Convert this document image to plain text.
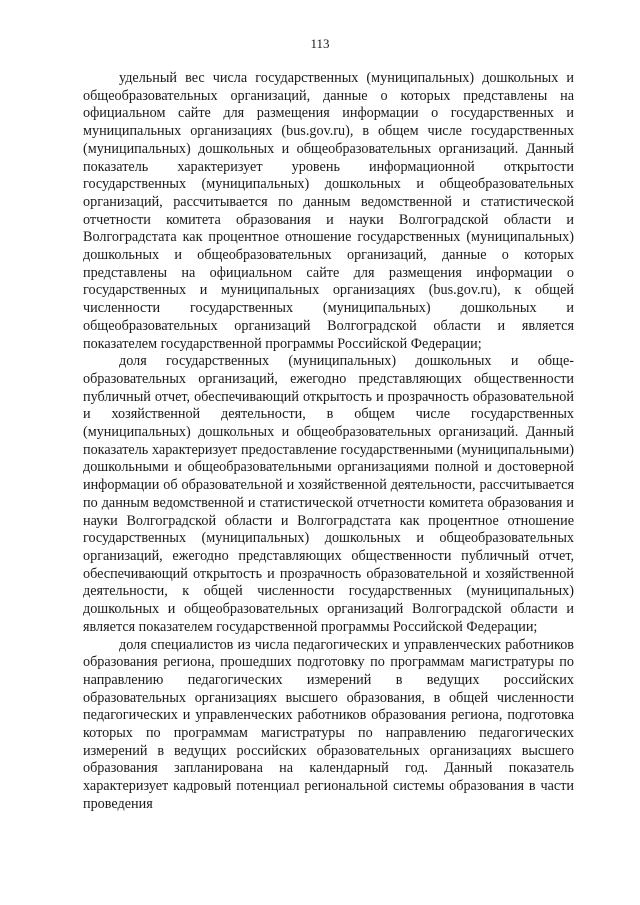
113

удельный вес числа государственных (муниципальных) дошкольных и общеобразовательных организаций, данные о которых представлены на официальном сайте для размещения информации о государственных и муниципальных организациях (bus.gov.ru), в общем числе государственных (муниципальных) дошкольных и общеобразовательных организаций. Данный показатель характеризует уровень информационной открытости государственных (муниципальных) дошкольных и общеобразовательных организаций, рассчитывается по данным ведомственной и статистической отчетности комитета образования и науки Волгоградской области и Волгоградстата как процентное отношение государственных (муниципальных) дошкольных и общеобразовательных организаций, данные о которых представлены на официальном сайте для размещения информации о государственных и муниципальных организациях (bus.gov.ru), к общей численности государственных (муниципальных) дошкольных и общеобразовательных организаций Волгоградской области и является показателем государственной программы Российской Федерации;

доля государственных (муниципальных) дошкольных и общеобразовательных организаций, ежегодно представляющих общественности публичный отчет, обеспечивающий открытость и прозрачность образовательной и хозяйственной деятельности, в общем числе государственных (муниципальных) дошкольных и общеобразовательных организаций. Данный показатель характеризует предоставление государственными (муниципальными) дошкольными и общеобразовательными организациями полной и достоверной информации об образовательной и хозяйственной деятельности, рассчитывается по данным ведомственной и статистической отчетности комитета образования и науки Волгоградской области и Волгоградстата как процентное отношение государственных (муниципальных) дошкольных и общеобразовательных организаций, ежегодно представляющих общественности публичный отчет, обеспечивающий открытость и прозрачность образовательной и хозяйственной деятельности, к общей численности государственных (муниципальных) дошкольных и общеобразовательных организаций Волгоградской области и является показателем государственной программы Российской Федерации;

доля специалистов из числа педагогических и управленческих работников образования региона, прошедших подготовку по программам магистратуры по направлению педагогических измерений в ведущих российских образовательных организациях высшего образования, в общей численности педагогических и управленческих работников образования региона, подготовка которых по программам магистратуры по направлению педагогических измерений в ведущих российских образовательных организациях высшего образования запланирована на календарный год. Данный показатель характеризует кадровый потенциал региональной системы образования в части проведения
